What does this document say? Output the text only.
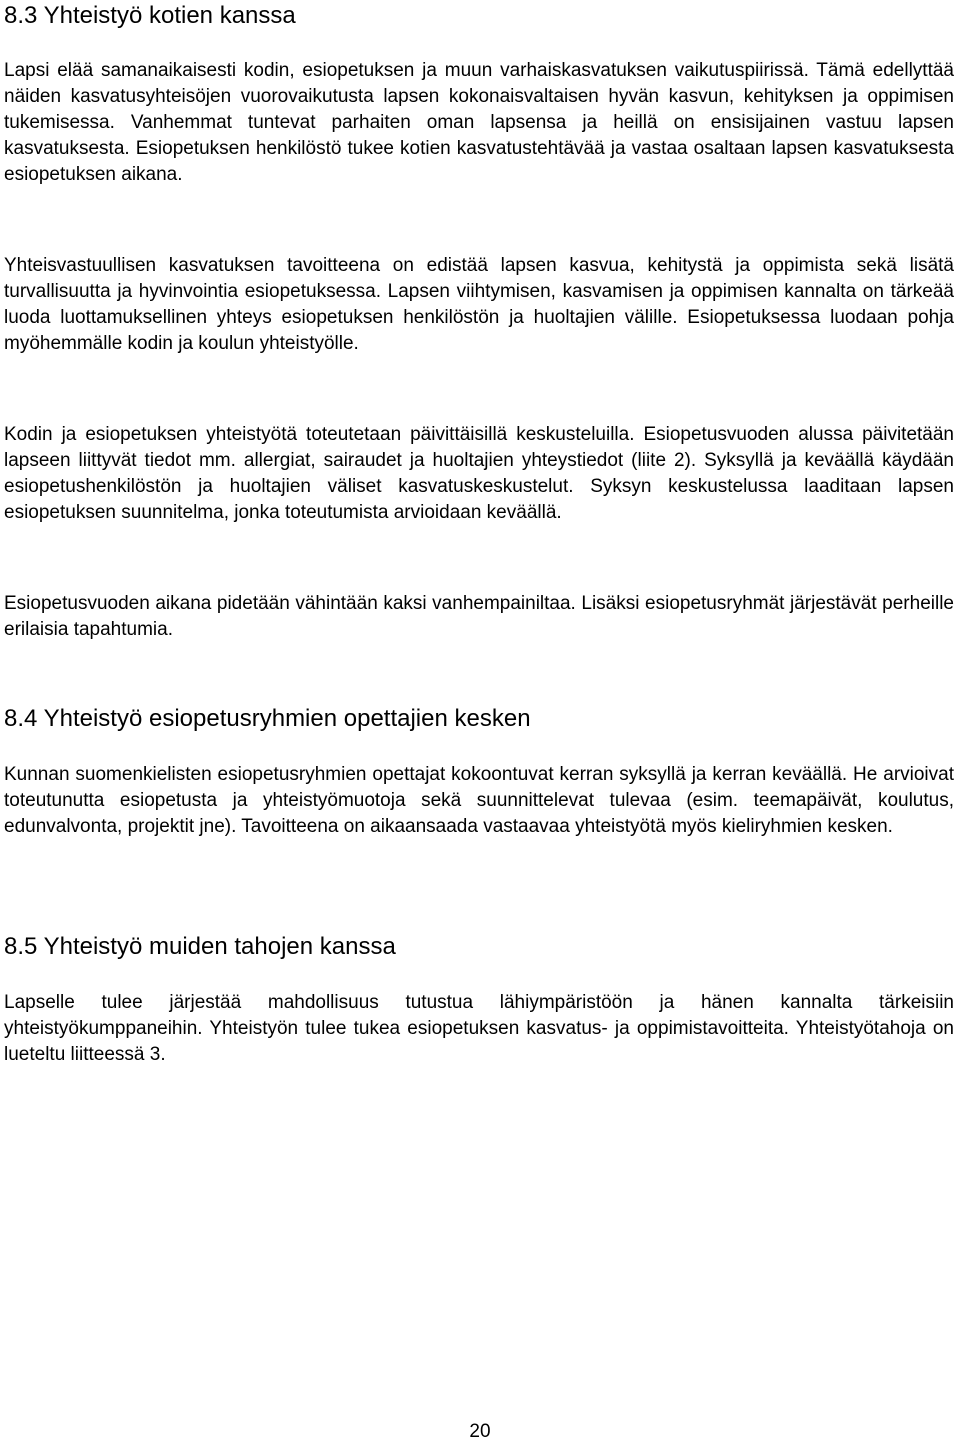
8.3 Yhteistyö kotien kanssa

Lapsi elää samanaikaisesti kodin, esiopetuksen ja muun varhaiskasvatuksen vaikutuspiirissä. Tämä edellyttää näiden kasvatusyhteisöjen vuorovaikutusta lapsen kokonaisvaltaisen hyvän kasvun, kehityksen ja oppimisen tukemisessa. Vanhemmat tuntevat parhaiten oman lapsensa ja heillä on ensisijainen vastuu lapsen kasvatuksesta. Esiopetuksen henkilöstö tukee kotien kasvatustehtävää ja vastaa osaltaan lapsen kasvatuksesta esiopetuksen aikana.

Yhteisvastuullisen kasvatuksen tavoitteena on edistää lapsen kasvua, kehitystä ja oppimista sekä lisätä turvallisuutta ja hyvinvointia esiopetuksessa. Lapsen viihtymisen, kasvamisen ja oppimisen kannalta on tärkeää luoda luottamuksellinen yhteys esiopetuksen henkilöstön ja huoltajien välille. Esiopetuksessa luodaan pohja myöhemmälle kodin ja koulun yhteistyölle.

Kodin ja esiopetuksen yhteistyötä toteutetaan päivittäisillä keskusteluilla. Esiopetusvuoden alussa päivitetään lapseen liittyvät tiedot mm. allergiat, sairaudet ja huoltajien yhteystiedot (liite 2). Syksyllä ja keväällä käydään esiopetushenkilöstön ja huoltajien väliset kasvatuskeskustelut. Syksyn keskustelussa laaditaan lapsen esiopetuksen suunnitelma, jonka toteutumista arvioidaan keväällä.

Esiopetusvuoden aikana pidetään vähintään kaksi vanhempainiltaa. Lisäksi esiopetusryhmät järjestävät perheille erilaisia tapahtumia.

8.4 Yhteistyö esiopetusryhmien opettajien kesken

Kunnan suomenkielisten esiopetusryhmien opettajat kokoontuvat kerran syksyllä ja kerran keväällä. He arvioivat toteutunutta esiopetusta ja yhteistyömuotoja sekä suunnittelevat tulevaa (esim. teemapäivät, koulutus, edunvalvonta, projektit jne). Tavoitteena on aikaansaada vastaavaa yhteistyötä myös kieliryhmien kesken.

8.5 Yhteistyö muiden tahojen kanssa

Lapselle tulee järjestää mahdollisuus tutustua lähiympäristöön ja hänen kannalta tärkeisiin yhteistyökumppaneihin. Yhteistyön tulee tukea esiopetuksen kasvatus- ja oppimistavoitteita. Yhteistyötahoja on lueteltu liitteessä 3.

20
